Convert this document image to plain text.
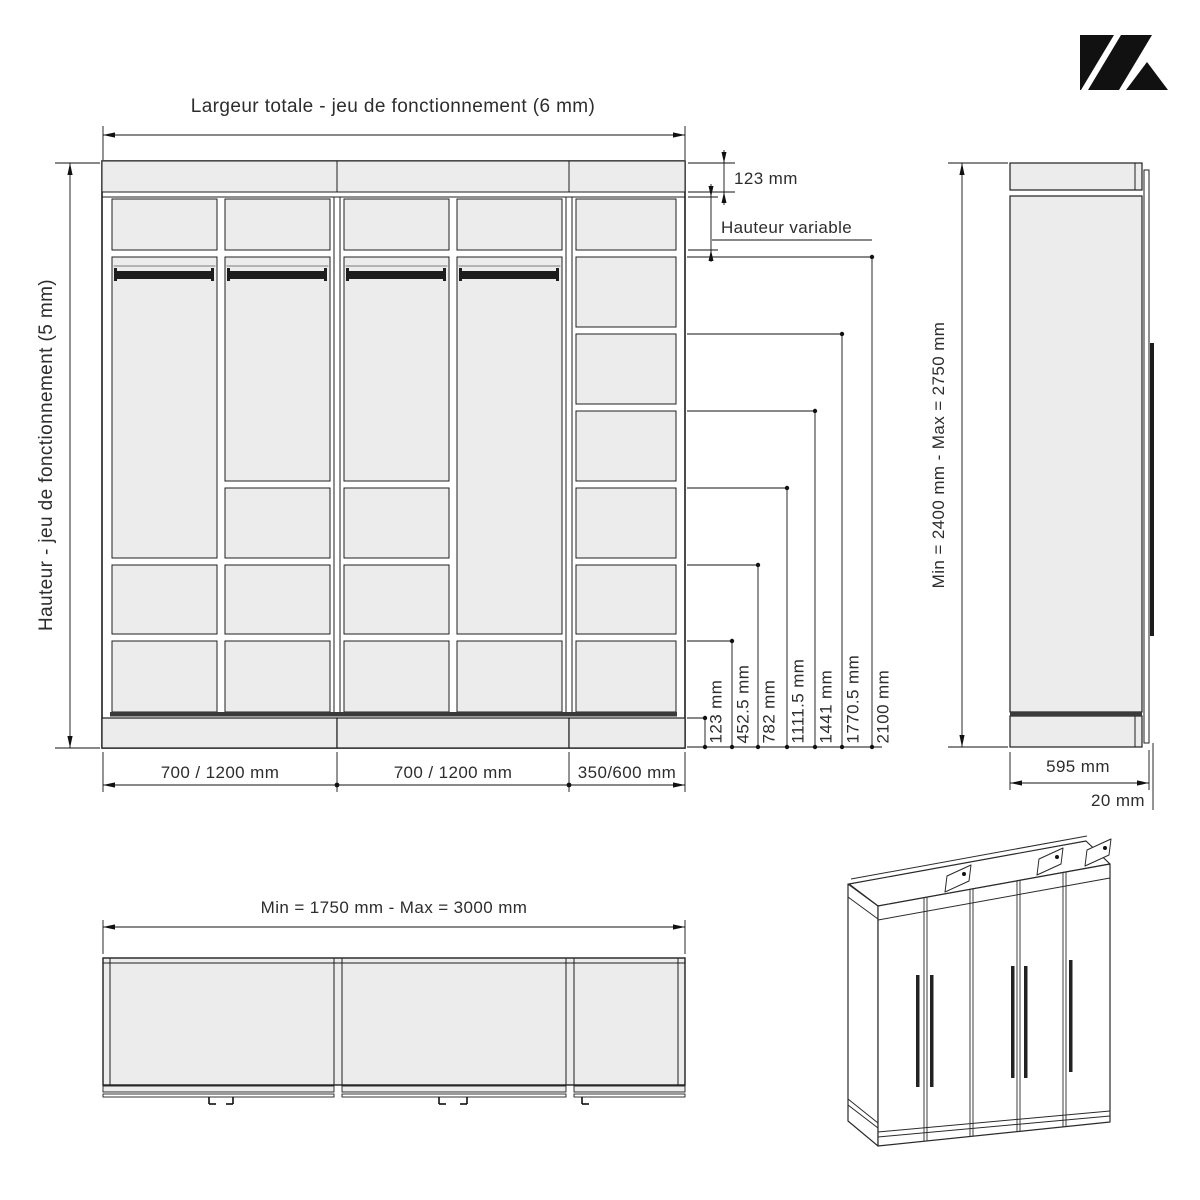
Largeur totale - jeu de fonctionnement (6 mm)
Hauteur - jeu de fonctionnement (5 mm)
123 mm
Hauteur variable
123 mm 452.5 mm 782 mm 1111.5 mm 1441 mm 1770.5 mm 2100 mm
700 / 1200 mm	700 / 1200 mm	350/600 mm
Min = 2400 mm - Max = 2750 mm
595 mm
20 mm
Min = 1750 mm - Max = 3000 mm
